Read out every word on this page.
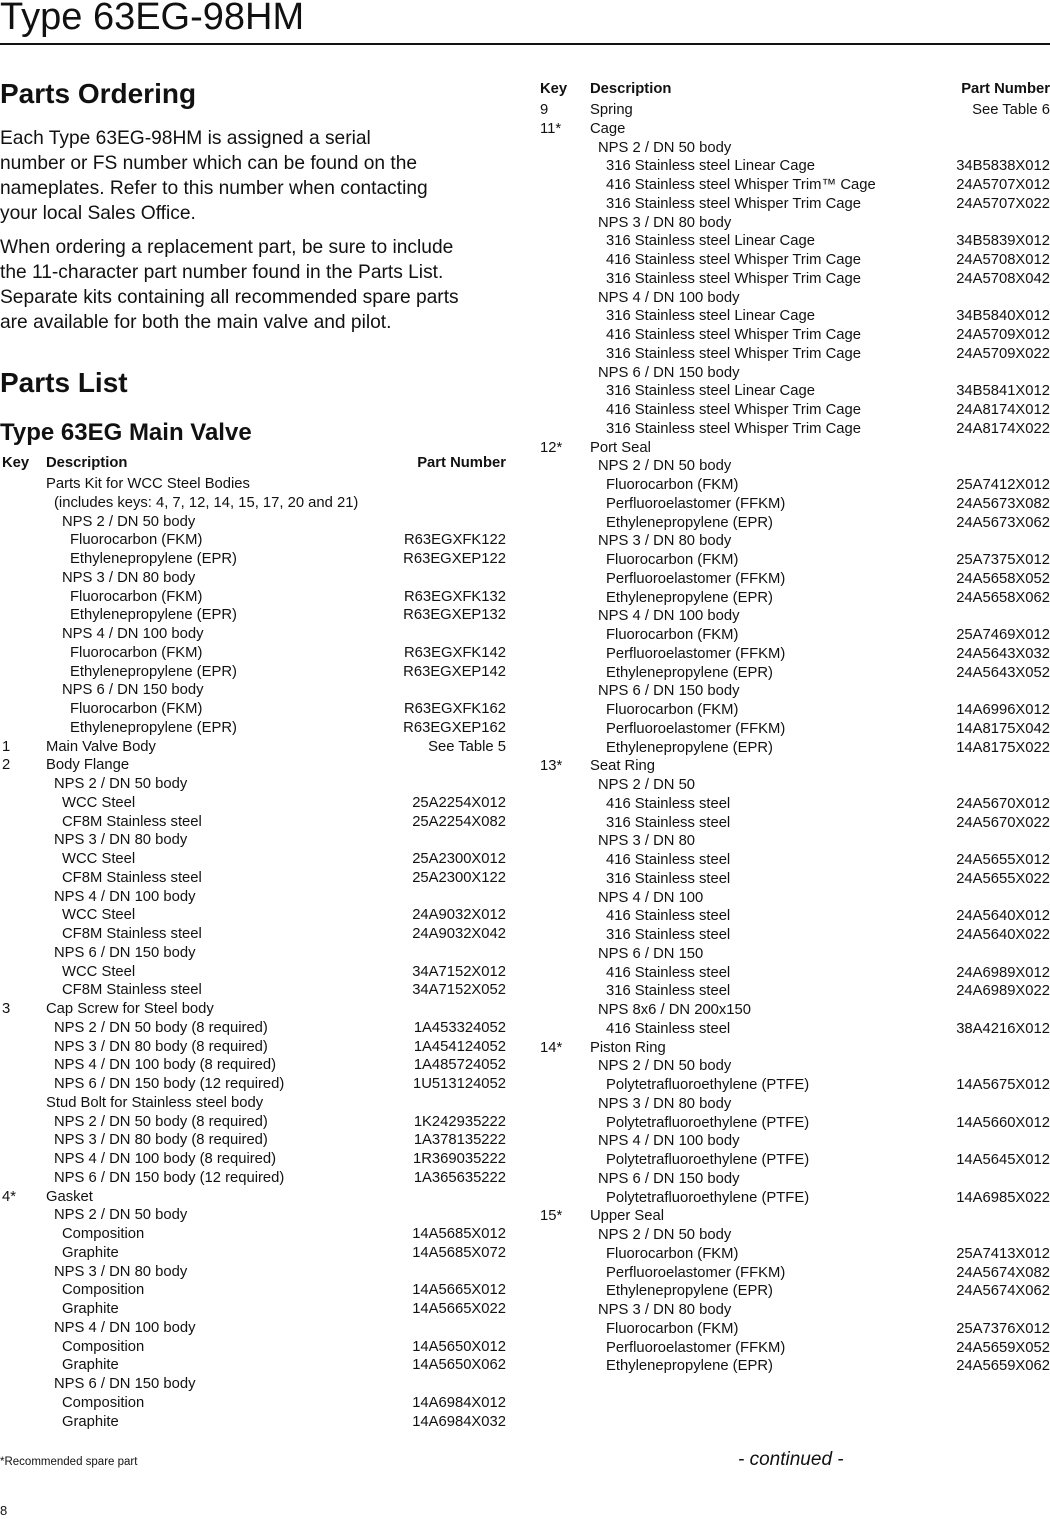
Type 63EG-98HM
Parts Ordering

Each Type 63EG-98HM is assigned a serial
number or FS number which can be found on the
nameplates. Refer to this number when contacting
your local Sales Office.

When ordering a replacement part, be sure to include
the 11-character part number found in the Parts List.
Separate kits containing all recommended spare parts
are available for both the main valve and pilot.

Parts List
Type 63EG Main Valve
Key Description	Part Number
Parts Kit for WCC Steel Bodies
(includes keys: 4, 7, 12, 14, 15, 17, 20 and 21)
NPS 2 / DN 50 body
Fluorocarbon (FKM)	R63EGXFK122
Ethylenepropylene (EPR)	R63EGXEP122
NPS 3 / DN 80 body
Fluorocarbon (FKM)	R63EGXFK132
Ethylenepropylene (EPR)	R63EGXEP132
NPS 4 / DN 100 body
Fluorocarbon (FKM)	R63EGXFK142
Ethylenepropylene (EPR)	R63EGXEP142
NPS 6 / DN 150 body
Fluorocarbon (FKM)	R63EGXFK162
Ethylenepropylene (EPR)	R63EGXEP162
1 Main Valve Body	See Table 5
2 Body Flange
NPS 2 / DN 50 body
WCC Steel	25A2254X012
CF8M Stainless steel	25A2254X082
NPS 3 / DN 80 body
WCC Steel	25A2300X012
CF8M Stainless steel	25A2300X122
NPS 4 / DN 100 body
WCC Steel	24A9032X012
CF8M Stainless steel	24A9032X042
NPS 6 / DN 150 body
WCC Steel	34A7152X012
CF8M Stainless steel	34A7152X052
3 Cap Screw for Steel body
NPS 2 / DN 50 body (8 required)	1A453324052
NPS 3 / DN 80 body (8 required)	1A454124052
NPS 4 / DN 100 body (8 required)	1A485724052
NPS 6 / DN 150 body (12 required)	1U513124052
Stud Bolt for Stainless steel body
NPS 2 / DN 50 body (8 required)	1K242935222
NPS 3 / DN 80 body (8 required)	1A378135222
NPS 4 / DN 100 body (8 required)	1R369035222
NPS 6 / DN 150 body (12 required)	1A365635222
4* Gasket
NPS 2 / DN 50 body
Composition	14A5685X012
Graphite	14A5685X072
NPS 3 / DN 80 body
Composition	14A5665X012
Graphite	14A5665X022
NPS 4 / DN 100 body
Composition	14A5650X012
Graphite	14A5650X062
NPS 6 / DN 150 body
Composition	14A6984X012
Graphite	14A6984X032
Key Description	Part Number
9	Spring	See Table 6
11* Cage
NPS 2 / DN 50 body
316 Stainless steel Linear Cage	34B5838X012
416 Stainless steel Whisper Trim™ Cage	24A5707X012
316 Stainless steel Whisper Trim Cage	24A5707X022
NPS 3 / DN 80 body
316 Stainless steel Linear Cage	34B5839X012
416 Stainless steel Whisper Trim Cage	24A5708X012
316 Stainless steel Whisper Trim Cage	24A5708X042
NPS 4 / DN 100 body
316 Stainless steel Linear Cage	34B5840X012
416 Stainless steel Whisper Trim Cage	24A5709X012
316 Stainless steel Whisper Trim Cage	24A5709X022
NPS 6 / DN 150 body
316 Stainless steel Linear Cage	34B5841X012
416 Stainless steel Whisper Trim Cage	24A8174X012
316 Stainless steel Whisper Trim Cage	24A8174X022
12* Port Seal
NPS 2 / DN 50 body
Fluorocarbon (FKM)	25A7412X012
Perfluoroelastomer (FFKM)	24A5673X082
Ethylenepropylene (EPR)	24A5673X062
NPS 3 / DN 80 body
Fluorocarbon (FKM)	25A7375X012
Perfluoroelastomer (FFKM)	24A5658X052
Ethylenepropylene (EPR)	24A5658X062
NPS 4 / DN 100 body
Fluorocarbon (FKM)	25A7469X012
Perfluoroelastomer (FFKM)	24A5643X032
Ethylenepropylene (EPR)	24A5643X052
NPS 6 / DN 150 body
Fluorocarbon (FKM)	14A6996X012
Perfluoroelastomer (FFKM)	14A8175X042
Ethylenepropylene (EPR)	14A8175X022
13* Seat Ring
NPS 2 / DN 50
416 Stainless steel	24A5670X012
316 Stainless steel	24A5670X022
NPS 3 / DN 80
416 Stainless steel	24A5655X012
316 Stainless steel	24A5655X022
NPS 4 / DN 100
416 Stainless steel	24A5640X012
316 Stainless steel	24A5640X022
NPS 6 / DN 150
416 Stainless steel	24A6989X012
316 Stainless steel	24A6989X022
NPS 8x6 / DN 200x150
416 Stainless steel	38A4216X012
14* Piston Ring
NPS 2 / DN 50 body
Polytetrafluoroethylene (PTFE)	14A5675X012
NPS 3 / DN 80 body
Polytetrafluoroethylene (PTFE)	14A5660X012
NPS 4 / DN 100 body
Polytetrafluoroethylene (PTFE)	14A5645X012
NPS 6 / DN 150 body
Polytetrafluoroethylene (PTFE)	14A6985X022
15* Upper Seal
NPS 2 / DN 50 body
Fluorocarbon (FKM)	25A7413X012
Perfluoroelastomer (FFKM)	24A5674X082
Ethylenepropylene (EPR)	24A5674X062
NPS 3 / DN 80 body
Fluorocarbon (FKM)	25A7376X012
Perfluoroelastomer (FFKM)	24A5659X052
Ethylenepropylene (EPR)	24A5659X062
*Recommended spare part	- continued -
8
